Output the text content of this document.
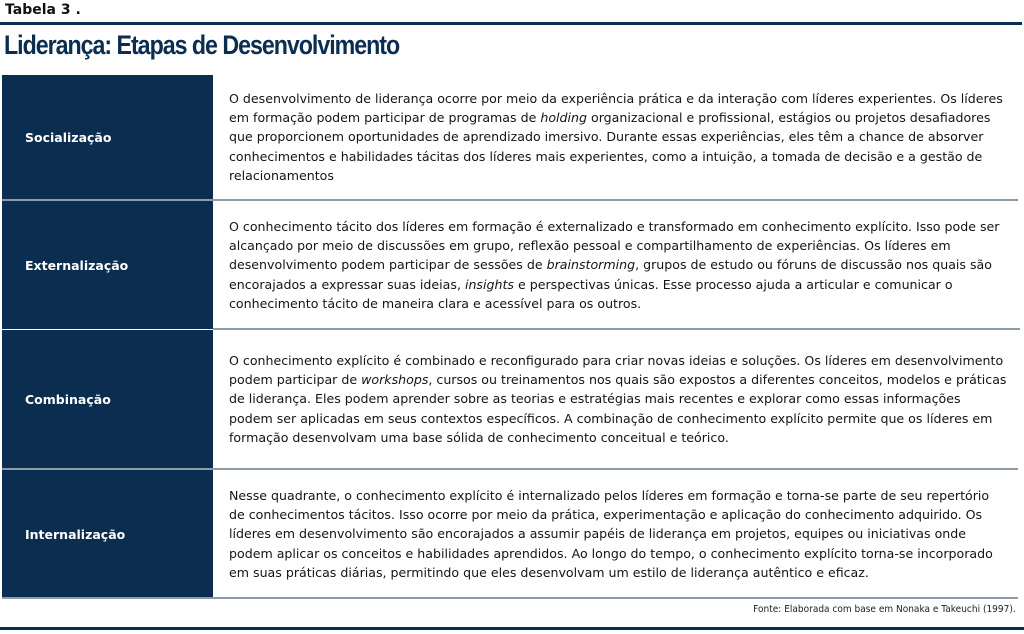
Tabela 3 .
Liderança: Etapas de Desenvolvimento
Socialização
O desenvolvimento de liderança ocorre por meio da experiência prática e da interação com líderes experientes. Os líderes em formação podem participar de programas de holding organizacional e profissional, estágios ou projetos desafiadores que proporcionem oportunidades de aprendizado imersivo. Durante essas experiências, eles têm a chance de absorver conhecimentos e habilidades tácitas dos líderes mais experientes, como a intuição, a tomada de decisão e a gestão de relacionamentos
Externalização
O conhecimento tácito dos líderes em formação é externalizado e transformado em conhecimento explícito. Isso pode ser alcançado por meio de discussões em grupo, reflexão pessoal e compartilhamento de experiências. Os líderes em desenvolvimento podem participar de sessões de brainstorming, grupos de estudo ou fóruns de discussão nos quais são encorajados a expressar suas ideias, insights e perspectivas únicas. Esse processo ajuda a articular e comunicar o conhecimento tácito de maneira clara e acessível para os outros.
Combinação
O conhecimento explícito é combinado e reconfigurado para criar novas ideias e soluções. Os líderes em desenvolvimento podem participar de workshops, cursos ou treinamentos nos quais são expostos a diferentes conceitos, modelos e práticas de liderança. Eles podem aprender sobre as teorias e estratégias mais recentes e explorar como essas informações podem ser aplicadas em seus contextos específicos. A combinação de conhecimento explícito permite que os líderes em formação desenvolvam uma base sólida de conhecimento conceitual e teórico.
Internalização
Nesse quadrante, o conhecimento explícito é internalizado pelos líderes em formação e torna-se parte de seu repertório de conhecimentos tácitos. Isso ocorre por meio da prática, experimentação e aplicação do conhecimento adquirido. Os líderes em desenvolvimento são encorajados a assumir papéis de liderança em projetos, equipes ou iniciativas onde podem aplicar os conceitos e habilidades aprendidos. Ao longo do tempo, o conhecimento explícito torna-se incorporado em suas práticas diárias, permitindo que eles desenvolvam um estilo de liderança autêntico e eficaz.
Fonte: Elaborada com base em Nonaka e Takeuchi (1997).
